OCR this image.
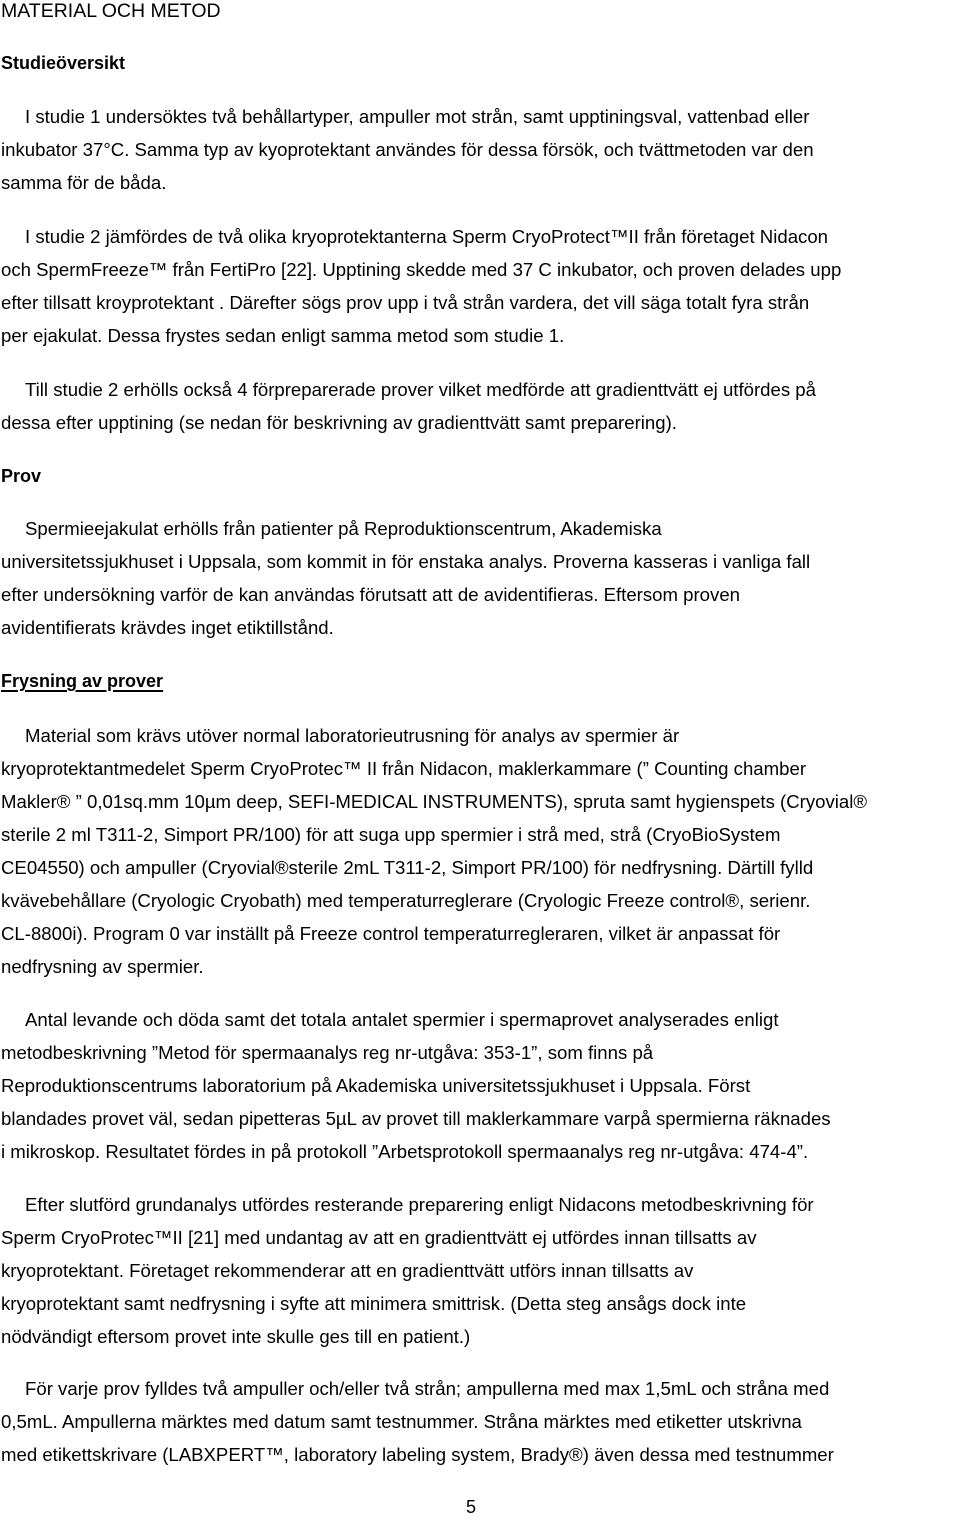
MATERIAL OCH METOD
Studieöversikt
I studie 1 undersöktes två behållartyper, ampuller mot strån, samt upptiningsval, vattenbad eller
inkubator 37°C. Samma typ av kyoprotektant användes för dessa försök, och tvättmetoden var den
samma för de båda.
I studie 2 jämfördes de två olika kryoprotektanterna Sperm CryoProtect™II från företaget Nidacon
och SpermFreeze™ från FertiPro [22]. Upptining skedde med 37 C inkubator, och proven delades upp
efter tillsatt kroyprotektant . Därefter sögs prov upp i två strån vardera, det vill säga totalt fyra strån
per ejakulat. Dessa frystes sedan enligt samma metod som studie 1.
Till studie 2 erhölls också 4 förpreparerade prover vilket medförde att gradienttvätt ej utfördes på
dessa efter upptining (se nedan för beskrivning av gradienttvätt samt preparering).
Prov
Spermieejakulat erhölls från patienter på Reproduktionscentrum, Akademiska
universitetssjukhuset i Uppsala, som kommit in för enstaka analys. Proverna kasseras i vanliga fall
efter undersökning varför de kan användas förutsatt att de avidentifieras. Eftersom proven
avidentifierats krävdes inget etiktillstånd.
Frysning av prover
Material som krävs utöver normal laboratorieutrusning för analys av spermier är
kryoprotektantmedelet Sperm CryoProtec™ II från Nidacon, maklerkammare (” Counting chamber
Makler® ” 0,01sq.mm 10µm deep, SEFI-MEDICAL INSTRUMENTS), spruta samt hygienspets (Cryovial®
sterile 2 ml T311-2, Simport PR/100) för att suga upp spermier i strå med, strå (CryoBioSystem
CE04550) och ampuller (Cryovial®sterile 2mL T311-2, Simport PR/100) för nedfrysning. Därtill fylld
kvävebehållare (Cryologic Cryobath) med temperaturreglerare (Cryologic Freeze control®, serienr.
CL-8800i). Program 0 var inställt på Freeze control temperaturregleraren, vilket är anpassat för
nedfrysning av spermier.
Antal levande och döda samt det totala antalet spermier i spermaprovet analyserades enligt
metodbeskrivning ”Metod för spermaanalys reg nr-utgåva: 353-1”, som finns på
Reproduktionscentrums laboratorium på Akademiska universitetssjukhuset i Uppsala. Först
blandades provet väl, sedan pipetteras 5µL av provet till maklerkammare varpå spermierna räknades
i mikroskop. Resultatet fördes in på protokoll ”Arbetsprotokoll spermaanalys reg nr-utgåva: 474-4”.
Efter slutförd grundanalys utfördes resterande preparering enligt Nidacons metodbeskrivning för
Sperm CryoProtec™II [21] med undantag av att en gradienttvätt ej utfördes innan tillsatts av
kryoprotektant. Företaget rekommenderar att en gradienttvätt utförs innan tillsatts av
kryoprotektant samt nedfrysning i syfte att minimera smittrisk. (Detta steg ansågs dock inte
nödvändigt eftersom provet inte skulle ges till en patient.)
För varje prov fylldes två ampuller och/eller två strån; ampullerna med max 1,5mL och stråna med
0,5mL. Ampullerna märktes med datum samt testnummer. Stråna märktes med etiketter utskrivna
med etikettskrivare (LABXPERT™, laboratory labeling system, Brady®) även dessa med testnummer
5
